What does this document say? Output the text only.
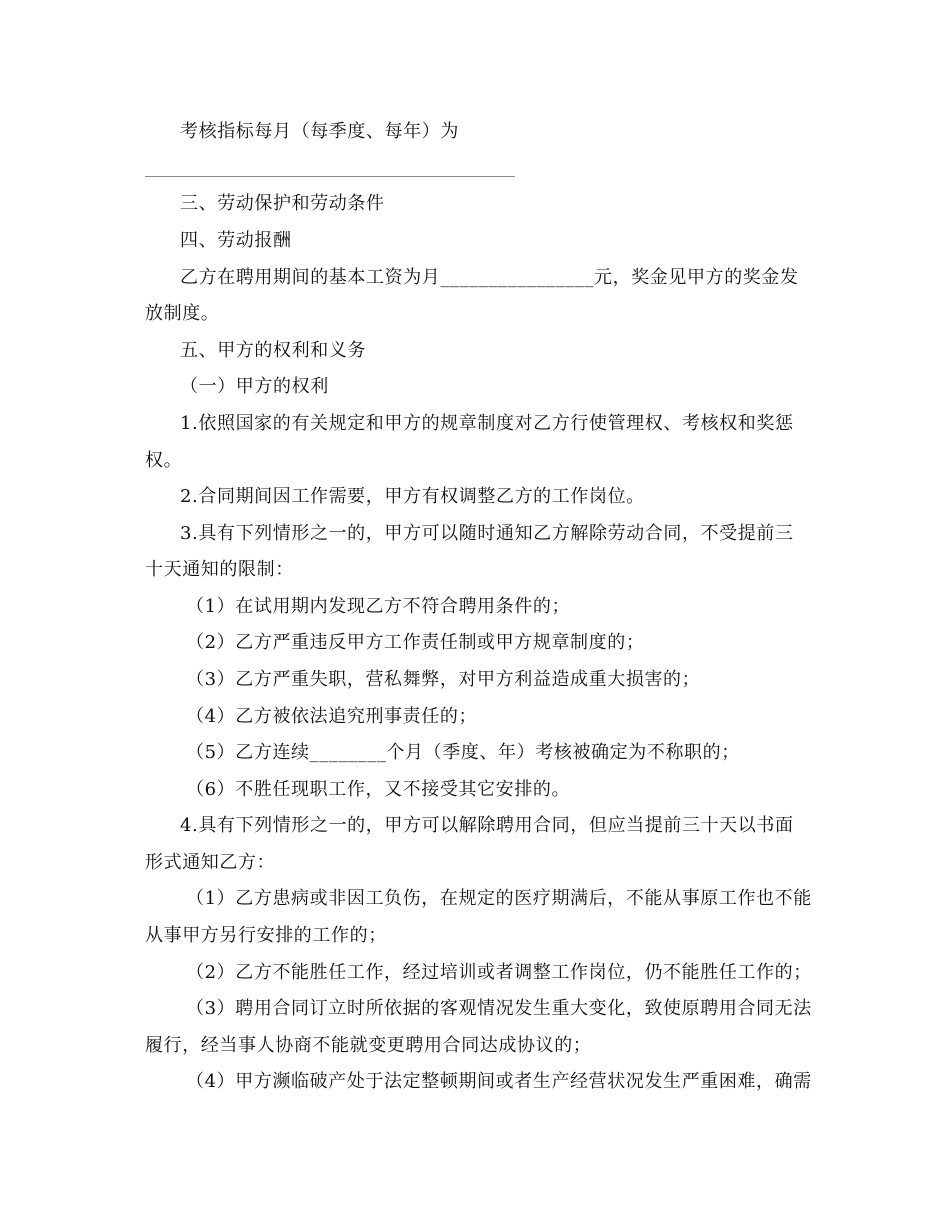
考核指标每月（每季度、每年）为
三、劳动保护和劳动条件
四、劳动报酬
乙方在聘用期间的基本工资为月________________元，奖金见甲方的奖金发
放制度。
五、甲方的权利和义务
（一）甲方的权利
1.依照国家的有关规定和甲方的规章制度对乙方行使管理权、考核权和奖惩
权。
2.合同期间因工作需要，甲方有权调整乙方的工作岗位。
3.具有下列情形之一的，甲方可以随时通知乙方解除劳动合同，不受提前三
十天通知的限制：
（1）在试用期内发现乙方不符合聘用条件的；
（2）乙方严重违反甲方工作责任制或甲方规章制度的；
（3）乙方严重失职，营私舞弊，对甲方利益造成重大损害的；
（4）乙方被依法追究刑事责任的；
（5）乙方连续________个月（季度、年）考核被确定为不称职的；
（6）不胜任现职工作，又不接受其它安排的。
4.具有下列情形之一的，甲方可以解除聘用合同，但应当提前三十天以书面
形式通知乙方：
（1）乙方患病或非因工负伤，在规定的医疗期满后，不能从事原工作也不能
从事甲方另行安排的工作的；
（2）乙方不能胜任工作，经过培训或者调整工作岗位，仍不能胜任工作的；
（3）聘用合同订立时所依据的客观情况发生重大变化，致使原聘用合同无法
履行，经当事人协商不能就变更聘用合同达成协议的；
（4）甲方濒临破产处于法定整顿期间或者生产经营状况发生严重困难，确需
